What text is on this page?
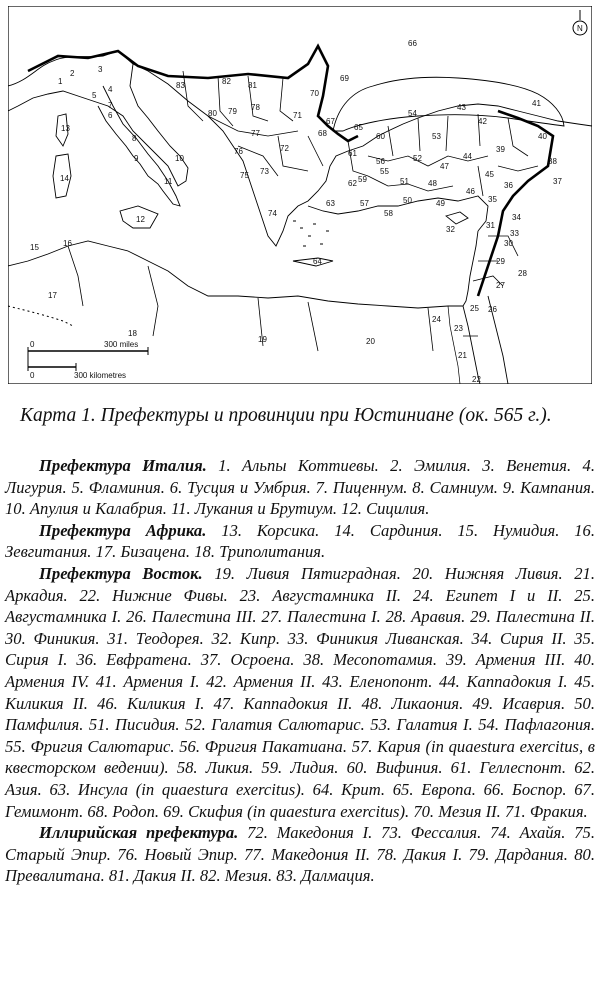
2	3
1
5
4
6
7
8
9	10
11
12
13
14
15	16
17
18
19	20
21
22
23
24
25 26
27
28
29
30
31
32	33
34
35
36	37
38
39
40
41
42
43
44
45
46
47
48
49
50
51
52
53
54
55
56
57
58
59
60
61
62
63
64
65
66
67
68
69
70
71
72
73
74
75
76
77
78
79
80
81
82
83
N
0	300 miles
0	300 kilometres
Карта 1. Префектуры и провинции при Юстиниане (ок. 565 г.).

Префектура Италия. 1. Альпы Коттиевы. 2. Эмилия. 3. Венетия. 4. Лигурия. 5. Фламиния. 6. Тусция и Умбрия. 7. Пиценнум. 8. Самниум. 9. Кампания. 10. Апулия и Калабрия. 11. Лукания и Брутиум. 12. Сицилия.

Префектура Африка. 13. Корсика. 14. Сардиния. 15. Нумидия. 16. Зевгитания. 17. Бизацена. 18. Триполитания.

Префектура Восток. 19. Ливия Пятиградная. 20. Нижняя Ливия. 21. Аркадия. 22. Нижние Фивы. 23. Августамника II. 24. Египет I и II. 25. Августамника I. 26. Палестина III. 27. Палестина I. 28. Аравия. 29. Палестина II. 30. Финикия. 31. Теодорея. 32. Кипр. 33. Финикия Ливанская. 34. Сирия II. 35. Сирия I. 36. Евфратена. 37. Осроена. 38. Месопотамия. 39. Армения III. 40. Армения IV. 41. Армения I. 42. Армения II. 43. Еленопонт. 44. Каппадокия I. 45. Киликия II. 46. Киликия I. 47. Каппадокия II. 48. Ликаония. 49. Исаврия. 50. Памфилия. 51. Писидия. 52. Галатия Салютарис. 53. Галатия I. 54. Пафлагония. 55. Фригия Салютарис. 56. Фригия Пакатиана. 57. Кария (in quaestura exercitus, в квесторском ведении). 58. Ликия. 59. Лидия. 60. Вифиния. 61. Геллеспонт. 62. Азия. 63. Инсула (in quaestura exercitus). 64. Крит. 65. Европа. 66. Боспор. 67. Гемимонт. 68. Родоп. 69. Скифия (in quaestura exercitus). 70. Мезия II. 71. Фракия.

Иллирийская префектура. 72. Македония I. 73. Фессалия. 74. Ахайя. 75. Старый Эпир. 76. Новый Эпир. 77. Македония II. 78. Дакия I. 79. Дардания. 80. Превалитана. 81. Дакия II. 82. Мезия. 83. Далмация.
